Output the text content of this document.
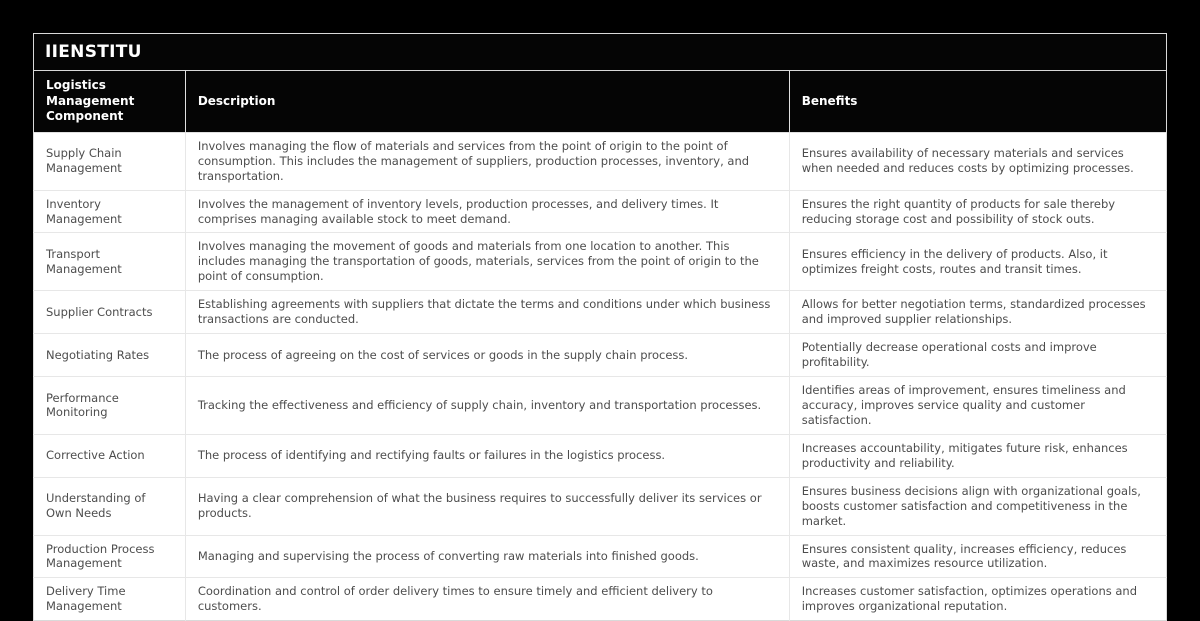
IIENSTITU
Logistics Management Component	Description	Benefits
Supply Chain Management	Involves managing the flow of materials and services from the point of origin to the point of consumption. This includes the management of suppliers, production processes, inventory, and transportation.	Ensures availability of necessary materials and services when needed and reduces costs by optimizing processes.
Inventory Management	Involves the management of inventory levels, production processes, and delivery times. It comprises managing available stock to meet demand.	Ensures the right quantity of products for sale thereby reducing storage cost and possibility of stock outs.
Transport Management	Involves managing the movement of goods and materials from one location to another. This includes managing the transportation of goods, materials, services from the point of origin to the point of consumption.	Ensures efficiency in the delivery of products. Also, it optimizes freight costs, routes and transit times.
Supplier Contracts	Establishing agreements with suppliers that dictate the terms and conditions under which business transactions are conducted.	Allows for better negotiation terms, standardized processes and improved supplier relationships.
Negotiating Rates	The process of agreeing on the cost of services or goods in the supply chain process.	Potentially decrease operational costs and improve profitability.
Performance Monitoring	Tracking the effectiveness and efficiency of supply chain, inventory and transportation processes.	Identifies areas of improvement, ensures timeliness and accuracy, improves service quality and customer satisfaction.
Corrective Action	The process of identifying and rectifying faults or failures in the logistics process.	Increases accountability, mitigates future risk, enhances productivity and reliability.
Understanding of Own Needs	Having a clear comprehension of what the business requires to successfully deliver its services or products.	Ensures business decisions align with organizational goals, boosts customer satisfaction and competitiveness in the market.
Production Process Management	Managing and supervising the process of converting raw materials into finished goods.	Ensures consistent quality, increases efficiency, reduces waste, and maximizes resource utilization.
Delivery Time Management	Coordination and control of order delivery times to ensure timely and efficient delivery to customers.	Increases customer satisfaction, optimizes operations and improves organizational reputation.
